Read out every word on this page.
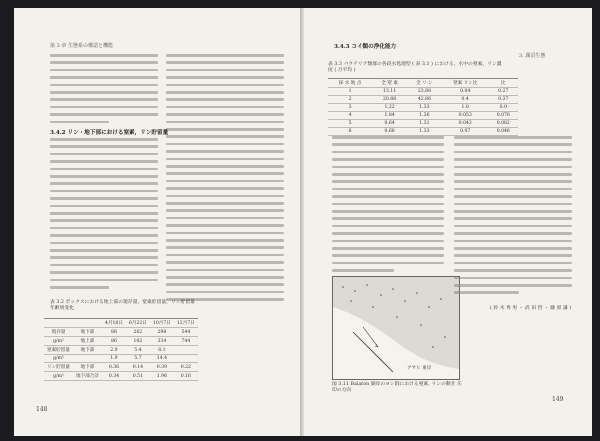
第 3 章 生態系の構造と機能
3.4.2 リン・地下部における窒素，リン貯留量
表 3.2 ボックスにおける地上部の現存量，窒素貯留量，リン貯留量 年齢別変化
		4月18日	6月22日	10月7日	12月7日
現存量	地下部	88	262	298	544
g/m²	地上部	86	102	334	744
窒素貯留量	地下部	2.9	5.4	8.1	
g/m²		1.9	5.7	14.4	
リン貯留量	地下部	0.36	0.14	0.39	0.22
g/m²	地下部合計	0.34	0.51	1.96	0.16
148
3. 湖沼生態
表 3.3 バクテリア類群の各段水処理型 ( 表 3.1 ) における，水中の窒素，リン濃度 ( 月平均 )
採 水 地 点	全 窒 素	全 リ ン	窒素 リン比	比
1	13.11	23.88	0.04	0.27
2	20.88	42.86	0.4	0.37
3	1.22	1.33	1.0	0.0
4	1.84	1.36	0.053	0.076
5	0.64	1.31	0.042	0.082
6	0.68	1.33	0.07	0.046
3.4.3 コイ類の浄化能力
アサヒ 東岸
図 3.11 Balaton 湖岸のヨシ群における窒素, リンの動き 矢印の方向
( 鈴 木 秀 男 ・ 武 田 哲 ・ 藤 原 謙 )
149
